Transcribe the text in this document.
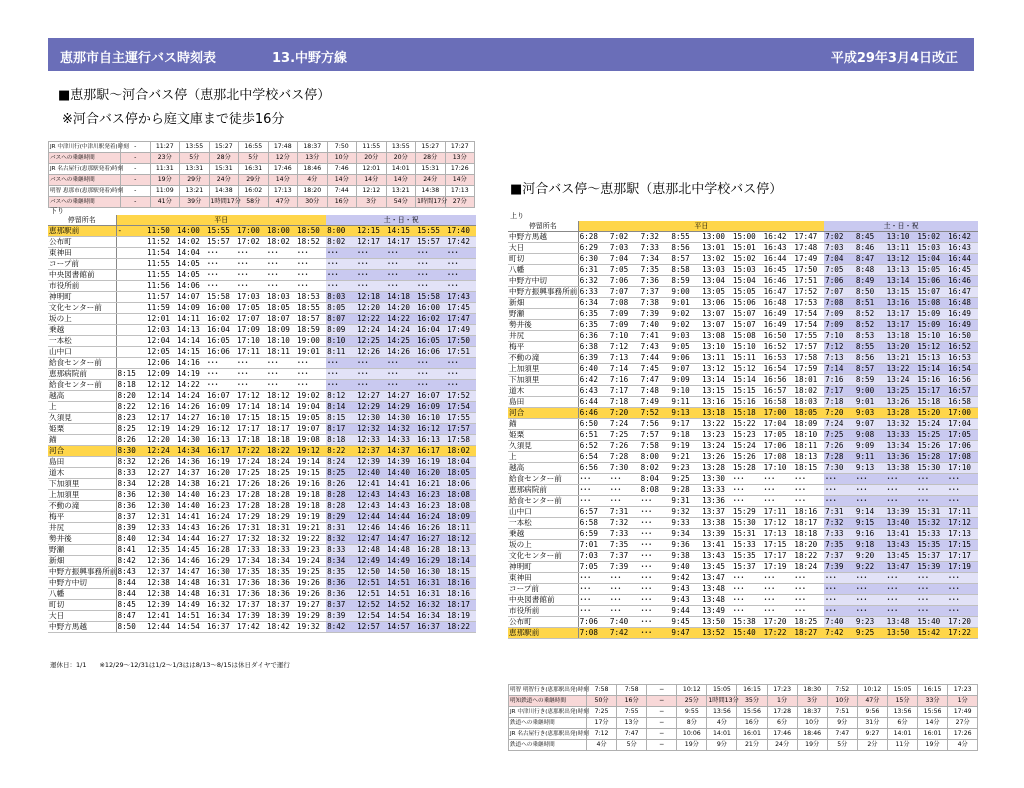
恵那市自主運行バス時刻表	13.中野方線	平成29年3月4日改正
■恵那駅～河合バス停（恵那北中学校バス停）
※河合バス停から庭文庫まで徒歩16分
JR 中津川行(中津川駅発着)時刻	-	11:27	13:55	15:27	16:55	17:48	18:37	7:50	11:55	13:55	15:27	17:27
バスへの乗継時間	-	23分	5分	28分	5分	12分	13分	10分	20分	20分	28分	13分
JR 名古屋行(恵那駅発着)時刻	-	11:31	13:31	15:31	16:31	17:46	18:46	7:46	12:01	14:01	15:31	17:26
バスへの乗継時間	-	19分	29分	24分	29分	14分	4分	14分	14分	14分	24分	14分
明智 恵那市(恵那駅発着)時刻	-	11:09	13:21	14:38	16:02	17:13	18:20	7:44	12:12	13:21	14:38	17:13
バスへの乗継時間	-	41分	39分	1時間17分	58分	47分	30分	16分	3分	54分	1時間17分	27分
下り
停留所名	平日							土・日・祝				
恵那駅前	-	11:50	14:00	15:55	17:00	18:00	18:50	8:00	12:15	14:15	15:55	17:40
公布町		11:52	14:02	15:57	17:02	18:02	18:52	8:02	12:17	14:17	15:57	17:42
東神田		11:54	14:04	･･･	･･･	･･･	･･･	･･･	･･･	･･･	･･･	･･･
コープ前		11:55	14:05	･･･	･･･	･･･	･･･	･･･	･･･	･･･	･･･	･･･
中央図書館前		11:55	14:05	･･･	･･･	･･･	･･･	･･･	･･･	･･･	･･･	･･･
市役所前		11:56	14:06	･･･	･･･	･･･	･･･	･･･	･･･	･･･	･･･	･･･
神明町		11:57	14:07	15:58	17:03	18:03	18:53	8:03	12:18	14:18	15:58	17:43
文化センター前		11:59	14:09	16:00	17:05	18:05	18:55	8:05	12:20	14:20	16:00	17:45
坂の上		12:01	14:11	16:02	17:07	18:07	18:57	8:07	12:22	14:22	16:02	17:47
乗越		12:03	14:13	16:04	17:09	18:09	18:59	8:09	12:24	14:24	16:04	17:49
一本松		12:04	14:14	16:05	17:10	18:10	19:00	8:10	12:25	14:25	16:05	17:50
山中口		12:05	14:15	16:06	17:11	18:11	19:01	8:11	12:26	14:26	16:06	17:51
給食センター前		12:06	14:16	･･･	･･･	･･･	･･･	･･･	･･･	･･･	･･･	･･･
恵那病院前	8:15	12:09	14:19	･･･	･･･	･･･	･･･	･･･	･･･	･･･	･･･	･･･
給食センター前	8:18	12:12	14:22	･･･	･･･	･･･	･･･	･･･	･･･	･･･	･･･	･･･
越高	8:20	12:14	14:24	16:07	17:12	18:12	19:02	8:12	12:27	14:27	16:07	17:52
上	8:22	12:16	14:26	16:09	17:14	18:14	19:04	8:14	12:29	14:29	16:09	17:54
久須見	8:23	12:17	14:27	16:10	17:15	18:15	19:05	8:15	12:30	14:30	16:10	17:55
姫栗	8:25	12:19	14:29	16:12	17:17	18:17	19:07	8:17	12:32	14:32	16:12	17:57
錨	8:26	12:20	14:30	16:13	17:18	18:18	19:08	8:18	12:33	14:33	16:13	17:58
河合	8:30	12:24	14:34	16:17	17:22	18:22	19:12	8:22	12:37	14:37	16:17	18:02
島田	8:32	12:26	14:36	16:19	17:24	18:24	19:14	8:24	12:39	14:39	16:19	18:04
道木	8:33	12:27	14:37	16:20	17:25	18:25	19:15	8:25	12:40	14:40	16:20	18:05
下加須里	8:34	12:28	14:38	16:21	17:26	18:26	19:16	8:26	12:41	14:41	16:21	18:06
上加須里	8:36	12:30	14:40	16:23	17:28	18:28	19:18	8:28	12:43	14:43	16:23	18:08
不動の滝	8:36	12:30	14:40	16:23	17:28	18:28	19:18	8:28	12:43	14:43	16:23	18:08
梅平	8:37	12:31	14:41	16:24	17:29	18:29	19:19	8:29	12:44	14:44	16:24	18:09
井尻	8:39	12:33	14:43	16:26	17:31	18:31	19:21	8:31	12:46	14:46	16:26	18:11
勢井後	8:40	12:34	14:44	16:27	17:32	18:32	19:22	8:32	12:47	14:47	16:27	18:12
野瀬	8:41	12:35	14:45	16:28	17:33	18:33	19:23	8:33	12:48	14:48	16:28	18:13
新畑	8:42	12:36	14:46	16:29	17:34	18:34	19:24	8:34	12:49	14:49	16:29	18:14
中野方振興事務所前	8:43	12:37	14:47	16:30	17:35	18:35	19:25	8:35	12:50	14:50	16:30	18:15
中野方中切	8:44	12:38	14:48	16:31	17:36	18:36	19:26	8:36	12:51	14:51	16:31	18:16
八幡	8:44	12:38	14:48	16:31	17:36	18:36	19:26	8:36	12:51	14:51	16:31	18:16
町切	8:45	12:39	14:49	16:32	17:37	18:37	19:27	8:37	12:52	14:52	16:32	18:17
大日	8:47	12:41	14:51	16:34	17:39	18:39	19:29	8:39	12:54	14:54	16:34	18:19
中野方馬越	8:50	12:44	14:54	16:37	17:42	18:42	19:32	8:42	12:57	14:57	16:37	18:22
運休日：1/1　　※12/29～12/31は1/2～1/3はは8/13～8/15は休日ダイヤで運行
■河合バス停～恵那駅（恵那北中学校バス停）
上り
停留所名	平日								土・日・祝				
中野方馬越	6:28	7:02	7:32	8:55	13:00	15:00	16:42	17:47	7:02	8:45	13:10	15:02	16:42
大日	6:29	7:03	7:33	8:56	13:01	15:01	16:43	17:48	7:03	8:46	13:11	15:03	16:43
町切	6:30	7:04	7:34	8:57	13:02	15:02	16:44	17:49	7:04	8:47	13:12	15:04	16:44
八幡	6:31	7:05	7:35	8:58	13:03	15:03	16:45	17:50	7:05	8:48	13:13	15:05	16:45
中野方中切	6:32	7:06	7:36	8:59	13:04	15:04	16:46	17:51	7:06	8:49	13:14	15:06	16:46
中野方振興事務所前	6:33	7:07	7:37	9:00	13:05	15:05	16:47	17:52	7:07	8:50	13:15	15:07	16:47
新畑	6:34	7:08	7:38	9:01	13:06	15:06	16:48	17:53	7:08	8:51	13:16	15:08	16:48
野瀬	6:35	7:09	7:39	9:02	13:07	15:07	16:49	17:54	7:09	8:52	13:17	15:09	16:49
勢井後	6:35	7:09	7:40	9:02	13:07	15:07	16:49	17:54	7:09	8:52	13:17	15:09	16:49
井尻	6:36	7:10	7:41	9:03	13:08	15:08	16:50	17:55	7:10	8:53	13:18	15:10	16:50
梅平	6:38	7:12	7:43	9:05	13:10	15:10	16:52	17:57	7:12	8:55	13:20	15:12	16:52
不動の滝	6:39	7:13	7:44	9:06	13:11	15:11	16:53	17:58	7:13	8:56	13:21	15:13	16:53
上加須里	6:40	7:14	7:45	9:07	13:12	15:12	16:54	17:59	7:14	8:57	13:22	15:14	16:54
下加須里	6:42	7:16	7:47	9:09	13:14	15:14	16:56	18:01	7:16	8:59	13:24	15:16	16:56
道木	6:43	7:17	7:48	9:10	13:15	15:15	16:57	18:02	7:17	9:00	13:25	15:17	16:57
島田	6:44	7:18	7:49	9:11	13:16	15:16	16:58	18:03	7:18	9:01	13:26	15:18	16:58
河合	6:46	7:20	7:52	9:13	13:18	15:18	17:00	18:05	7:20	9:03	13:28	15:20	17:00
錨	6:50	7:24	7:56	9:17	13:22	15:22	17:04	18:09	7:24	9:07	13:32	15:24	17:04
姫栗	6:51	7:25	7:57	9:18	13:23	15:23	17:05	18:10	7:25	9:08	13:33	15:25	17:05
久須見	6:52	7:26	7:58	9:19	13:24	15:24	17:06	18:11	7:26	9:09	13:34	15:26	17:06
上	6:54	7:28	8:00	9:21	13:26	15:26	17:08	18:13	7:28	9:11	13:36	15:28	17:08
越高	6:56	7:30	8:02	9:23	13:28	15:28	17:10	18:15	7:30	9:13	13:38	15:30	17:10
給食センター前	･･･	･･･	8:04	9:25	13:30	･･･	･･･	･･･	･･･	･･･	･･･	･･･	･･･
恵那病院前	･･･	･･･	8:08	9:28	13:33	･･･	･･･	･･･	･･･	･･･	･･･	･･･	･･･
給食センター前	･･･	･･･	･･･	9:31	13:36	･･･	･･･	･･･	･･･	･･･	･･･	･･･	･･･
山中口	6:57	7:31	･･･	9:32	13:37	15:29	17:11	18:16	7:31	9:14	13:39	15:31	17:11
一本松	6:58	7:32	･･･	9:33	13:38	15:30	17:12	18:17	7:32	9:15	13:40	15:32	17:12
乗越	6:59	7:33	･･･	9:34	13:39	15:31	17:13	18:18	7:33	9:16	13:41	15:33	17:13
坂の上	7:01	7:35	･･･	9:36	13:41	15:33	17:15	18:20	7:35	9:18	13:43	15:35	17:15
文化センター前	7:03	7:37	･･･	9:38	13:43	15:35	17:17	18:22	7:37	9:20	13:45	15:37	17:17
神明町	7:05	7:39	･･･	9:40	13:45	15:37	17:19	18:24	7:39	9:22	13:47	15:39	17:19
東神田	･･･	･･･	･･･	9:42	13:47	･･･	･･･	･･･	･･･	･･･	･･･	･･･	･･･
コープ前	･･･	･･･	･･･	9:43	13:48	･･･	･･･	･･･	･･･	･･･	･･･	･･･	･･･
中央図書館前	･･･	･･･	･･･	9:43	13:48	･･･	･･･	･･･	･･･	･･･	･･･	･･･	･･･
市役所前	･･･	･･･	･･･	9:44	13:49	･･･	･･･	･･･	･･･	･･･	･･･	･･･	･･･
公布町	7:06	7:40	･･･	9:45	13:50	15:38	17:20	18:25	7:40	9:23	13:48	15:40	17:20
恵那駅前	7:08	7:42	･･･	9:47	13:52	15:40	17:22	18:27	7:42	9:25	13:50	15:42	17:22
明智 明智行き(恵那駅出発)時刻	7:58	7:58	−	10:12	15:05	16:15	17:23	18:30	7:52	10:12	15:05	16:15	17:23
明知鉄道への乗継時間	50分	16分	−	25分	1時間13分	35分	1分	3分	10分	47分	15分	33分	1分
JR 中津川行き(恵那駅出発)時刻	7:25	7:55	−	9:55	13:56	15:56	17:28	18:37	7:51	9:56	13:56	15:56	17:49
鉄道への乗継時間	17分	13分	−	8分	4分	16分	6分	10分	9分	31分	6分	14分	27分
JR 名古屋行き(恵那駅出発)時刻	7:12	7:47	−	10:06	14:01	16:01	17:46	18:46	7:47	9:27	14:01	16:01	17:26
鉄道への乗継時間	4分	5分	−	19分	9分	21分	24分	19分	5分	2分	11分	19分	4分
